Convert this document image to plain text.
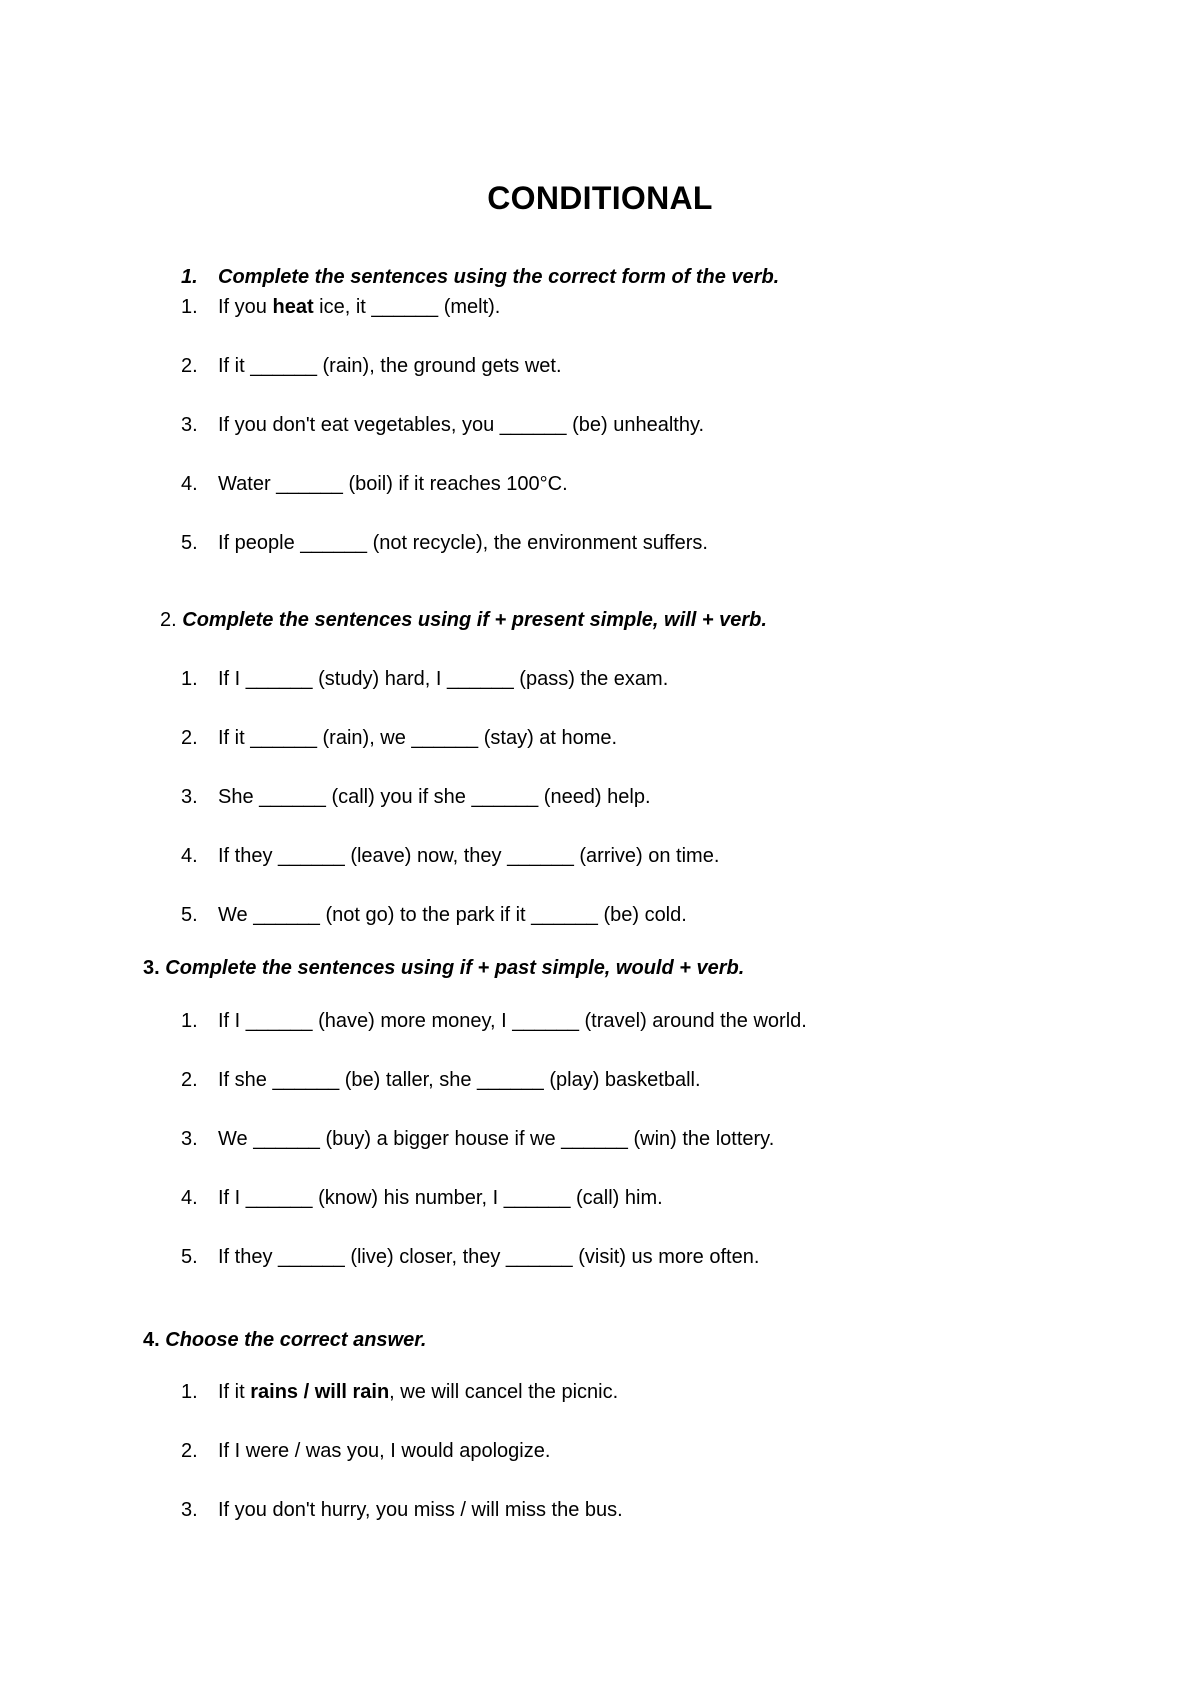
CONDITIONAL
1. Complete the sentences using the correct form of the verb.
1. If you heat ice, it ______ (melt).
2. If it ______ (rain), the ground gets wet.
3. If you don't eat vegetables, you ______ (be) unhealthy.
4. Water ______ (boil) if it reaches 100°C.
5. If people ______ (not recycle), the environment suffers.
2. Complete the sentences using if + present simple, will + verb.
1. If I ______ (study) hard, I ______ (pass) the exam.
2. If it ______ (rain), we ______ (stay) at home.
3. She ______ (call) you if she ______ (need) help.
4. If they ______ (leave) now, they ______ (arrive) on time.
5. We ______ (not go) to the park if it ______ (be) cold.
3. Complete the sentences using if + past simple, would + verb.
1. If I ______ (have) more money, I ______ (travel) around the world.
2. If she ______ (be) taller, she ______ (play) basketball.
3. We ______ (buy) a bigger house if we ______ (win) the lottery.
4. If I ______ (know) his number, I ______ (call) him.
5. If they ______ (live) closer, they ______ (visit) us more often.
4. Choose the correct answer.
1. If it rains / will rain, we will cancel the picnic.
2. If I were / was you, I would apologize.
3. If you don't hurry, you miss / will miss the bus.
